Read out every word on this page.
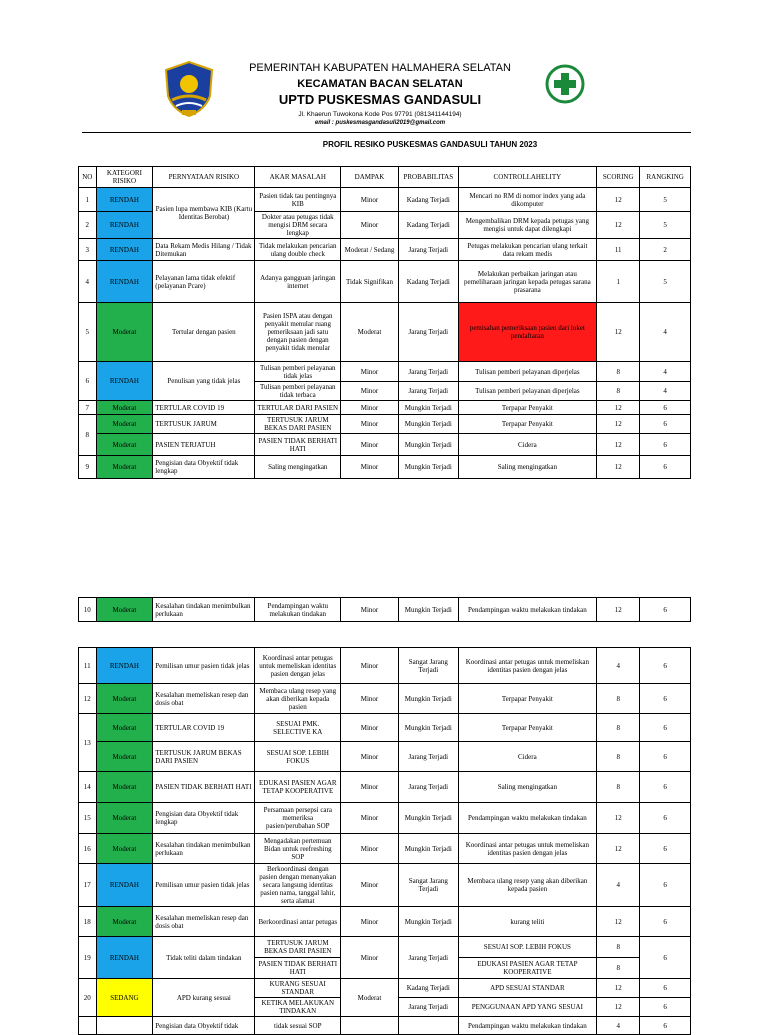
PEMERINTAH KABUPATEN HALMAHERA SELATAN
KECAMATAN BACAN SELATAN
UPTD PUSKESMAS GANDASULI
Jl. Khaerun Tuwokona Kode Pos 97791 (081341144194)
email : puskesmasgandasuli2019@gmail.com
PROFIL RESIKO PUSKESMAS GANDASULI TAHUN 2023
NO	KATEGORI RISIKO	PERNYATAAN RISIKO	AKAR MASALAH	DAMPAK	PROBABILITAS	CONTROLLAHELITY	SCORING	RANGKING
1	RENDAH	Pasien lupa membawa KIB (Kartu Identitas Berobat)	Pasien tidak tau pentingnya KIB	Minor	Kadang Terjadi	Mencari no RM di nomor index yang ada dikomputer	12	5
2	RENDAH		Dokter atau petugas tidak mengisi DRM secara lengkap	Minor	Kadang Terjadi	Mengembalikan DRM kepada petugas yang mengisi untuk dapat dilengkapi	12	5
3	RENDAH	Data Rekam Medis Hilang / Tidak Ditemukan	Tidak melakukan pencarian ulang double check	Moderat / Sedang	Jarang Terjadi	Petugas melakukan pencarian ulang terkait data rekam medis	11	2
4	RENDAH	Pelayanan lama tidak efektif (pelayanan Pcare)	Adanya gangguan jaringan internet	Tidak Signifikan	Kadang Terjadi	Melakukan perbaikan jaringan atau pemeliharaan jaringan kepada petugas sarana prasarana	1	5
5	Moderat	Tertular dengan pasien	Pasien ISPA atau dengan penyakit menular ruang pemeriksaan jadi satu dengan pasien dengan penyakit tidak menular	Moderat	Jarang Terjadi	pemisahan pemeriksaan pasien dari loket pendaftaran	12	4
6	RENDAH	Penulisan yang tidak jelas	Tulisan pemberi pelayanan tidak jelas	Minor	Jarang Terjadi	Tulisan pemberi pelayanan diperjelas	8	4
			Tulisan pemberi pelayanan tidak terbaca	Minor	Jarang Terjadi	Tulisan pemberi pelayanan diperjelas	8	4
7	Moderat	TERTULAR COVID 19	TERTULAR DARI PASIEN	Minor	Mungkin Terjadi	Terpapar Penyakit	12	6
8	Moderat	TERTUSUK JARUM	TERTUSUK JARUM BEKAS DARI PASIEN	Minor	Mungkin Terjadi	Terpapar Penyakit	12	6
	Moderat	PASIEN TERJATUH	PASIEN TIDAK BERHATI HATI	Minor	Mungkin Terjadi	Cidera	12	6
9	Moderat	Pengisian data Obyektif tidak lengkap	Saling mengingatkan	Minor	Mungkin Terjadi	Saling mengingatkan	12	6
10	Moderat	Kesalahan tindakan menimbulkan perlukaan	Pendampingan waktu melakukan tindakan	Minor	Mungkin Terjadi	Pendampingan waktu melakukan tindakan	12	6
11	RENDAH	Pemilisan umur pasien tidak jelas	Koordinasi antar petugas untuk memeliskan identitas pasien dengan jelas	Minor	Sangat Jarang Terjadi	Koordinasi antar petugas untuk memeliskan identitas pasien dengan jelas	4	6
12	Moderat	Kesalahan memeliskan resep dan dosis obat	Membaca ulang resep yang akan diberikan kepada pasien	Minor	Mungkin Terjadi	Terpapar Penyakit	8	6
13	Moderat	TERTULAR COVID 19	SESUAI PMK. SELECTIVE KA	Minor	Mungkin Terjadi	Terpapar Penyakit	8	6
	Moderat	TERTUSUK JARUM BEKAS DARI PASIEN	SESUAI SOP. LEBIH FOKUS	Minor	Jarang Terjadi	Cidera	8	6
14	Moderat	PASIEN TIDAK BERHATI HATI	EDUKASI PASIEN AGAR TETAP KOOPERATIVE	Minor	Jarang Terjadi	Saling mengingatkan	8	6
15	Moderat	Pengisian data Obyektif tidak lengkap	Persamaan persepsi cara memeriksa pasien/perubahan SOP	Minor	Mungkin Terjadi	Pendampingan waktu melakukan tindakan	12	6
16	Moderat	Kesalahan tindakan menimbulkan perlukaan	Mengadakan pertemuan Bidan untuk reefreshing SOP	Minor	Mungkin Terjadi	Koordinasi antar petugas untuk memeliskan identitas pasien dengan jelas	12	6
17	RENDAH	Pemilisan umur pasien tidak jelas	Berkoordinasi dengan pasien dengan menanyakan secara langsung identitas pasien nama, tanggal lahir, serta alamat	Minor	Sangat Jarang Terjadi	Membaca ulang resep yang akan diberikan kepada pasien	4	6
18	Moderat	Kesalahan memeliskan resep dan dosis obat	Berkoordinasi antar petugas	Minor	Mungkin Terjadi	kurang teliti	12	6
19	RENDAH	Tidak teliti dalam tindakan	TERTUSUK JARUM BEKAS DARI PASIEN	Minor	Jarang Terjadi	SESUAI SOP. LEBIH FOKUS	8	6
			PASIEN TIDAK BERHATI HATI			EDUKASI PASIEN AGAR TETAP KOOPERATIVE	8	
20	SEDANG	APD kurang sesuai	KURANG SESUAI STANDAR	Moderat	Kadang Terjadi	APD SESUAI STANDAR	12	6
			KETIKA MELAKUKAN TINDAKAN		Jarang Terjadi	PENGGUNAAN APD YANG SESUAI	12	6
		Pengisian data Obyektif tidak	tidak sesuai SOP			Pendampingan waktu melakukan tindakan	4	6
